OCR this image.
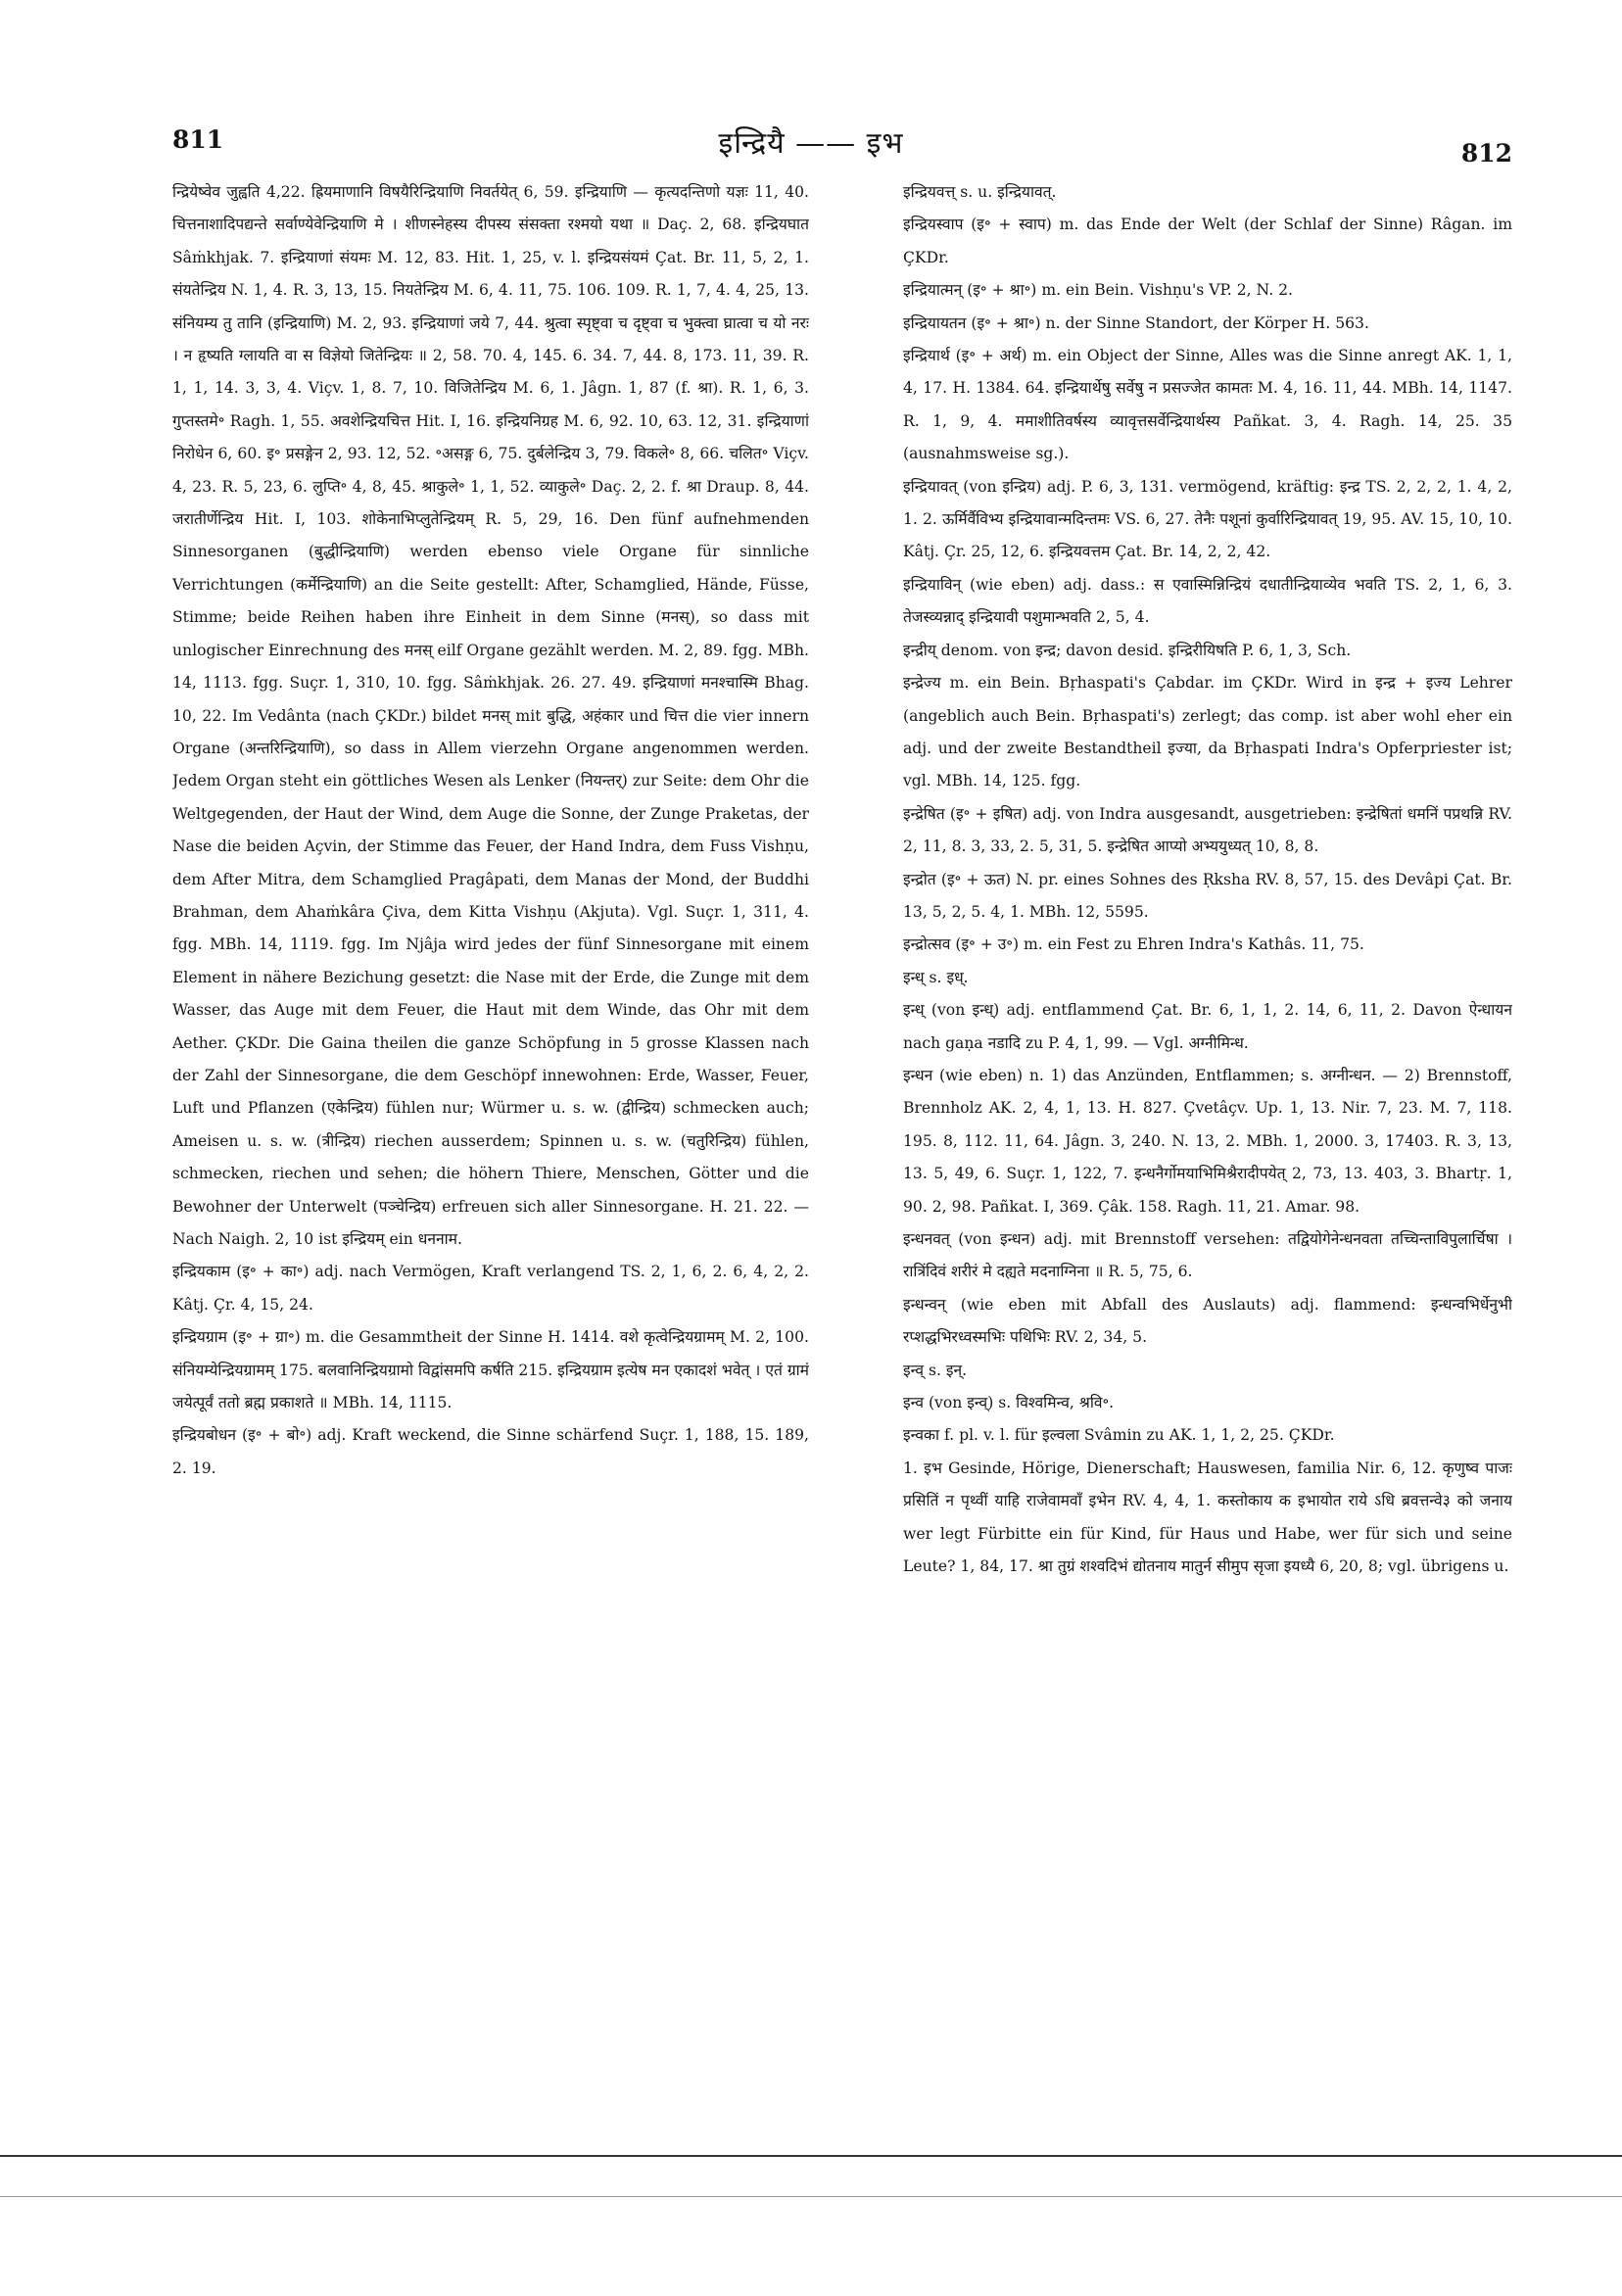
811	इन्द्रियै —— इभ	812

न्द्रियेष्वेव जुह्वति 4,22. ह्रियमाणानि विषयैरिन्द्रियाणि निवर्तयेत् 6, 59. इन्द्रियाणि — कृत्यदन्तिणो यज्ञः 11, 40. चित्तनाशादिपद्यन्ते सर्वाण्येवेन्द्रियाणि मे । शीणस्नेहस्य दीपस्य संसक्ता रश्मयो यथा ॥ Daç. 2, 68. इन्द्रियघात Sâṁkhjak. 7. इन्द्रियाणां संयमः M. 12, 83. Hit. 1, 25, v. l. इन्द्रियसंयमं Çat. Br. 11, 5, 2, 1. संयतेन्द्रिय N. 1, 4. R. 3, 13, 15. नियतेन्द्रिय M. 6, 4. 11, 75. 106. 109. R. 1, 7, 4. 4, 25, 13. संनियम्य तु तानि (इन्द्रियाणि) M. 2, 93. इन्द्रियाणां जये 7, 44. श्रुत्वा स्पृष्ट्वा च दृष्ट्वा च भुक्त्वा घ्रात्वा च यो नरः । न हृष्यति ग्लायति वा स विज्ञेयो जितेन्द्रियः ॥ 2, 58. 70. 4, 145. 6. 34. 7, 44. 8, 173. 11, 39. R. 1, 1, 14. 3, 3, 4. Viçv. 1, 8. 7, 10. विजितेन्द्रिय M. 6, 1. Jâgn. 1, 87 (f. श्रा). R. 1, 6, 3. गुप्तस्तमे॰ Ragh. 1, 55. अवशेन्द्रियचित्त Hit. I, 16. इन्द्रियनिग्रह M. 6, 92. 10, 63. 12, 31. इन्द्रियाणां निरोधेन 6, 60. इ॰ प्रसङ्गेन 2, 93. 12, 52. ॰असङ्ग 6, 75. दुर्बलेन्द्रिय 3, 79. विकले॰ 8, 66. चलित॰ Viçv. 4, 23. R. 5, 23, 6. लुप्ति॰ 4, 8, 45. श्राकुले॰ 1, 1, 52. व्याकुले॰ Daç. 2, 2. f. श्रा Draup. 8, 44. जरातीर्णेन्द्रिय Hit. I, 103. शोकेनाभिप्लुतेन्द्रियम् R. 5, 29, 16. Den fünf aufnehmenden Sinnesorganen (बुद्धीन्द्रियाणि) werden ebenso viele Organe für sinnliche Verrichtungen (कर्मेन्द्रियाणि) an die Seite gestellt: After, Schamglied, Hände, Füsse, Stimme; beide Reihen haben ihre Einheit in dem Sinne (मनस्), so dass mit unlogischer Einrechnung des मनस् eilf Organe gezählt werden. M. 2, 89. fgg. MBh. 14, 1113. fgg. Suçr. 1, 310, 10. fgg. Sâṁkhjak. 26. 27. 49. इन्द्रियाणां मनश्चास्मि Bhag. 10, 22. Im Vedânta (nach ÇKDr.) bildet मनस् mit बुद्धि, अहंकार und चित्त die vier innern Organe (अन्तरिन्द्रियाणि), so dass in Allem vierzehn Organe angenommen werden. Jedem Organ steht ein göttliches Wesen als Lenker (नियन्तर्) zur Seite: dem Ohr die Weltgegenden, der Haut der Wind, dem Auge die Sonne, der Zunge Praketas, der Nase die beiden Açvin, der Stimme das Feuer, der Hand Indra, dem Fuss Vishṇu, dem After Mitra, dem Schamglied Pragâpati, dem Manas der Mond, der Buddhi Brahman, dem Ahaṁkâra Çiva, dem Kitta Vishṇu (Akjuta). Vgl. Suçr. 1, 311, 4. fgg. MBh. 14, 1119. fgg. Im Njâja wird jedes der fünf Sinnesorgane mit einem Element in nähere Bezichung gesetzt: die Nase mit der Erde, die Zunge mit dem Wasser, das Auge mit dem Feuer, die Haut mit dem Winde, das Ohr mit dem Aether. ÇKDr. Die Gaina theilen die ganze Schöpfung in 5 grosse Klassen nach der Zahl der Sinnesorgane, die dem Geschöpf innewohnen: Erde, Wasser, Feuer, Luft und Pflanzen (एकेन्द्रिय) fühlen nur; Würmer u. s. w. (द्वीन्द्रिय) schmecken auch; Ameisen u. s. w. (त्रीन्द्रिय) riechen ausserdem; Spinnen u. s. w. (चतुरिन्द्रिय) fühlen, schmecken, riechen und sehen; die höhern Thiere, Menschen, Götter und die Bewohner der Unterwelt (पञ्चेन्द्रिय) erfreuen sich aller Sinnesorgane. H. 21. 22. — Nach Naigh. 2, 10 ist इन्द्रियम् ein धननाम.

इन्द्रियकाम (इ॰ + का॰) adj. nach Vermögen, Kraft verlangend TS. 2, 1, 6, 2. 6, 4, 2, 2. Kâtj. Çr. 4, 15, 24.

इन्द्रियग्राम (इ॰ + ग्रा॰) m. die Gesammtheit der Sinne H. 1414. वशे कृत्वेन्द्रियग्रामम् M. 2, 100. संनियम्येन्द्रियग्रामम् 175. बलवानिन्द्रियग्रामो विद्वांसमपि कर्षति 215. इन्द्रियग्राम इत्येष मन एकादशं भवेत् । एतं ग्रामं जयेत्पूर्वं ततो ब्रह्म प्रकाशते ॥ MBh. 14, 1115.

इन्द्रियबोधन (इ॰ + बो॰) adj. Kraft weckend, die Sinne schärfend Suçr. 1, 188, 15. 189, 2. 19.

इन्द्रियवत्त् s. u. इन्द्रियावत्.

इन्द्रियस्वाप (इ॰ + स्वाप) m. das Ende der Welt (der Schlaf der Sinne) Râgan. im ÇKDr.

इन्द्रियात्मन् (इ॰ + श्रा॰) m. ein Bein. Vishṇu's VP. 2, N. 2.

इन्द्रियायतन (इ॰ + श्रा॰) n. der Sinne Standort, der Körper H. 563.

इन्द्रियार्थ (इ॰ + अर्थ) m. ein Object der Sinne, Alles was die Sinne anregt AK. 1, 1, 4, 17. H. 1384. 64. इन्द्रियार्थेषु सर्वेषु न प्रसज्जेत कामतः M. 4, 16. 11, 44. MBh. 14, 1147. R. 1, 9, 4. ममाशीतिवर्षस्य व्यावृत्तसर्वेन्द्रियार्थस्य Pañkat. 3, 4. Ragh. 14, 25. 35 (ausnahmsweise sg.).

इन्द्रियावत् (von इन्द्रिय) adj. P. 6, 3, 131. vermögend, kräftig: इन्द्र TS. 2, 2, 2, 1. 4, 2, 1. 2. ऊर्मिर्वैविभ्य इन्द्रियावान्मदिन्तमः VS. 6, 27. तेनैः पशूनां कुर्वारिन्द्रियावत् 19, 95. AV. 15, 10, 10. Kâtj. Çr. 25, 12, 6. इन्द्रियवत्तम Çat. Br. 14, 2, 2, 42.

इन्द्रियाविन् (wie eben) adj. dass.: स एवास्मिन्निन्द्रियं दधातीन्द्रियाव्येव भवति TS. 2, 1, 6, 3. तेजस्व्यन्नाद् इन्द्रियावी पशुमान्भवति 2, 5, 4.

इन्द्रीय् denom. von इन्द्र; davon desid. इन्द्रिरीयिषति P. 6, 1, 3, Sch.

इन्द्रेज्य m. ein Bein. Bṛhaspati's Çabdar. im ÇKDr. Wird in इन्द्र + इज्य Lehrer (angeblich auch Bein. Bṛhaspati's) zerlegt; das comp. ist aber wohl eher ein adj. und der zweite Bestandtheil इज्या, da Bṛhaspati Indra's Opferpriester ist; vgl. MBh. 14, 125. fgg.

इन्द्रेषित (इ॰ + इषित) adj. von Indra ausgesandt, ausgetrieben: इन्द्रेषितां धमनिं पप्रथन्नि RV. 2, 11, 8. 3, 33, 2. 5, 31, 5. इन्द्रेषित आप्यो अभ्ययुध्यत् 10, 8, 8.

इन्द्रोत (इ॰ + ऊत) N. pr. eines Sohnes des Ṛksha RV. 8, 57, 15. des Devâpi Çat. Br. 13, 5, 2, 5. 4, 1. MBh. 12, 5595.

इन्द्रोत्सव (इ॰ + उ॰) m. ein Fest zu Ehren Indra's Kathâs. 11, 75.

इन्ध् s. इध्.

इन्ध् (von इन्ध्) adj. entflammend Çat. Br. 6, 1, 1, 2. 14, 6, 11, 2. Davon ऐन्धायन nach gaṇa नडादि zu P. 4, 1, 99. — Vgl. अग्नीमिन्ध.

इन्धन (wie eben) n. 1) das Anzünden, Entflammen; s. अग्नीन्धन. — 2) Brennstoff, Brennholz AK. 2, 4, 1, 13. H. 827. Çvetâçv. Up. 1, 13. Nir. 7, 23. M. 7, 118. 195. 8, 112. 11, 64. Jâgn. 3, 240. N. 13, 2. MBh. 1, 2000. 3, 17403. R. 3, 13, 13. 5, 49, 6. Suçr. 1, 122, 7. इन्धनैर्गोमयाभिमिश्रैरादीपयेत् 2, 73, 13. 403, 3. Bhartṛ. 1, 90. 2, 98. Pañkat. I, 369. Çâk. 158. Ragh. 11, 21. Amar. 98.

इन्धनवत् (von इन्धन) adj. mit Brennstoff versehen: तद्वियोगेनेन्धनवता तच्चिन्ताविपुलार्चिषा । रात्रिंदिवं शरीरं मे दह्यते मदनाग्निना ॥ R. 5, 75, 6.

इन्धन्वन् (wie eben mit Abfall des Auslauts) adj. flammend: इन्धन्वभिर्धेनुभी रप्शद्धभिरध्वस्मभिः पथिभिः RV. 2, 34, 5.

इन्व् s. इन्.

इन्व (von इन्व्) s. विश्वमिन्व, श्रवि॰.

इन्वका f. pl. v. l. für इल्वला Svâmin zu AK. 1, 1, 2, 25. ÇKDr.

1. इभ Gesinde, Hörige, Dienerschaft; Hauswesen, familia Nir. 6, 12. कृणुष्व पाजः प्रसितिं न पृथ्वीं याहि राजेवामवाँ इभेन RV. 4, 4, 1. कस्तोकाय क इभायोत राये ऽधि ब्रवत्तन्वे३ को जनाय wer legt Fürbitte ein für Kind, für Haus und Habe, wer für sich und seine Leute? 1, 84, 17. श्रा तुग्रं शश्वदिभं द्योतनाय मातुर्न सीमुप सृजा इयध्यै 6, 20, 8; vgl. übrigens u.
